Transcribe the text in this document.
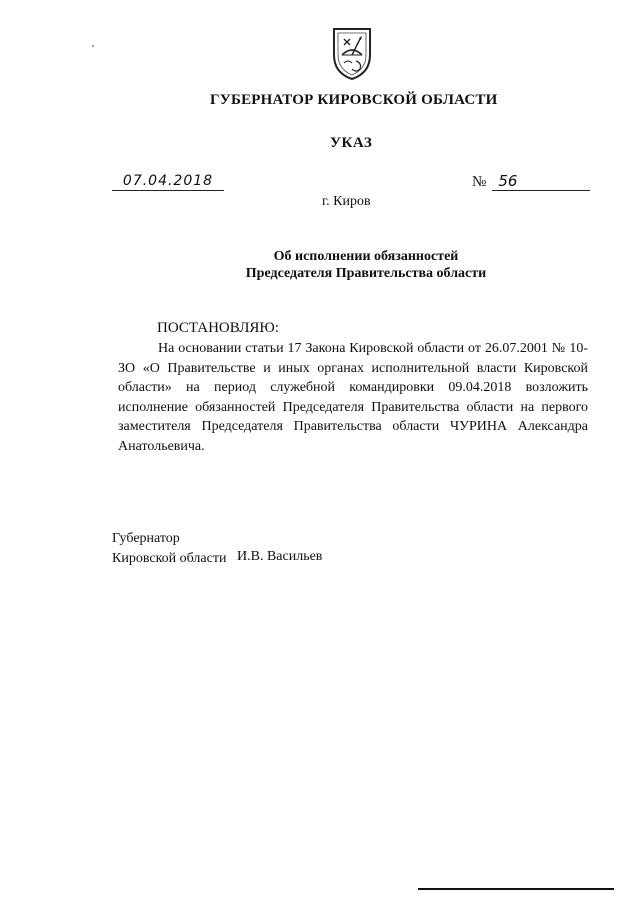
ГУБЕРНАТОР КИРОВСКОЙ ОБЛАСТИ
УКАЗ
07.04.2018	№ 56
г. Киров
Об исполнении обязанностей
Председателя Правительства области
ПОСТАНОВЛЯЮ:
На основании статьи 17 Закона Кировской области от 26.07.2001 № 10-ЗО «О Правительстве и иных органах исполнительной власти Кировской области» на период служебной командировки 09.04.2018 возложить исполнение обязанностей Председателя Правительства области на первого заместителя Председателя Правительства области ЧУРИНА Александра Анатольевича.
Губернатор
Кировской области И.В. Васильев
